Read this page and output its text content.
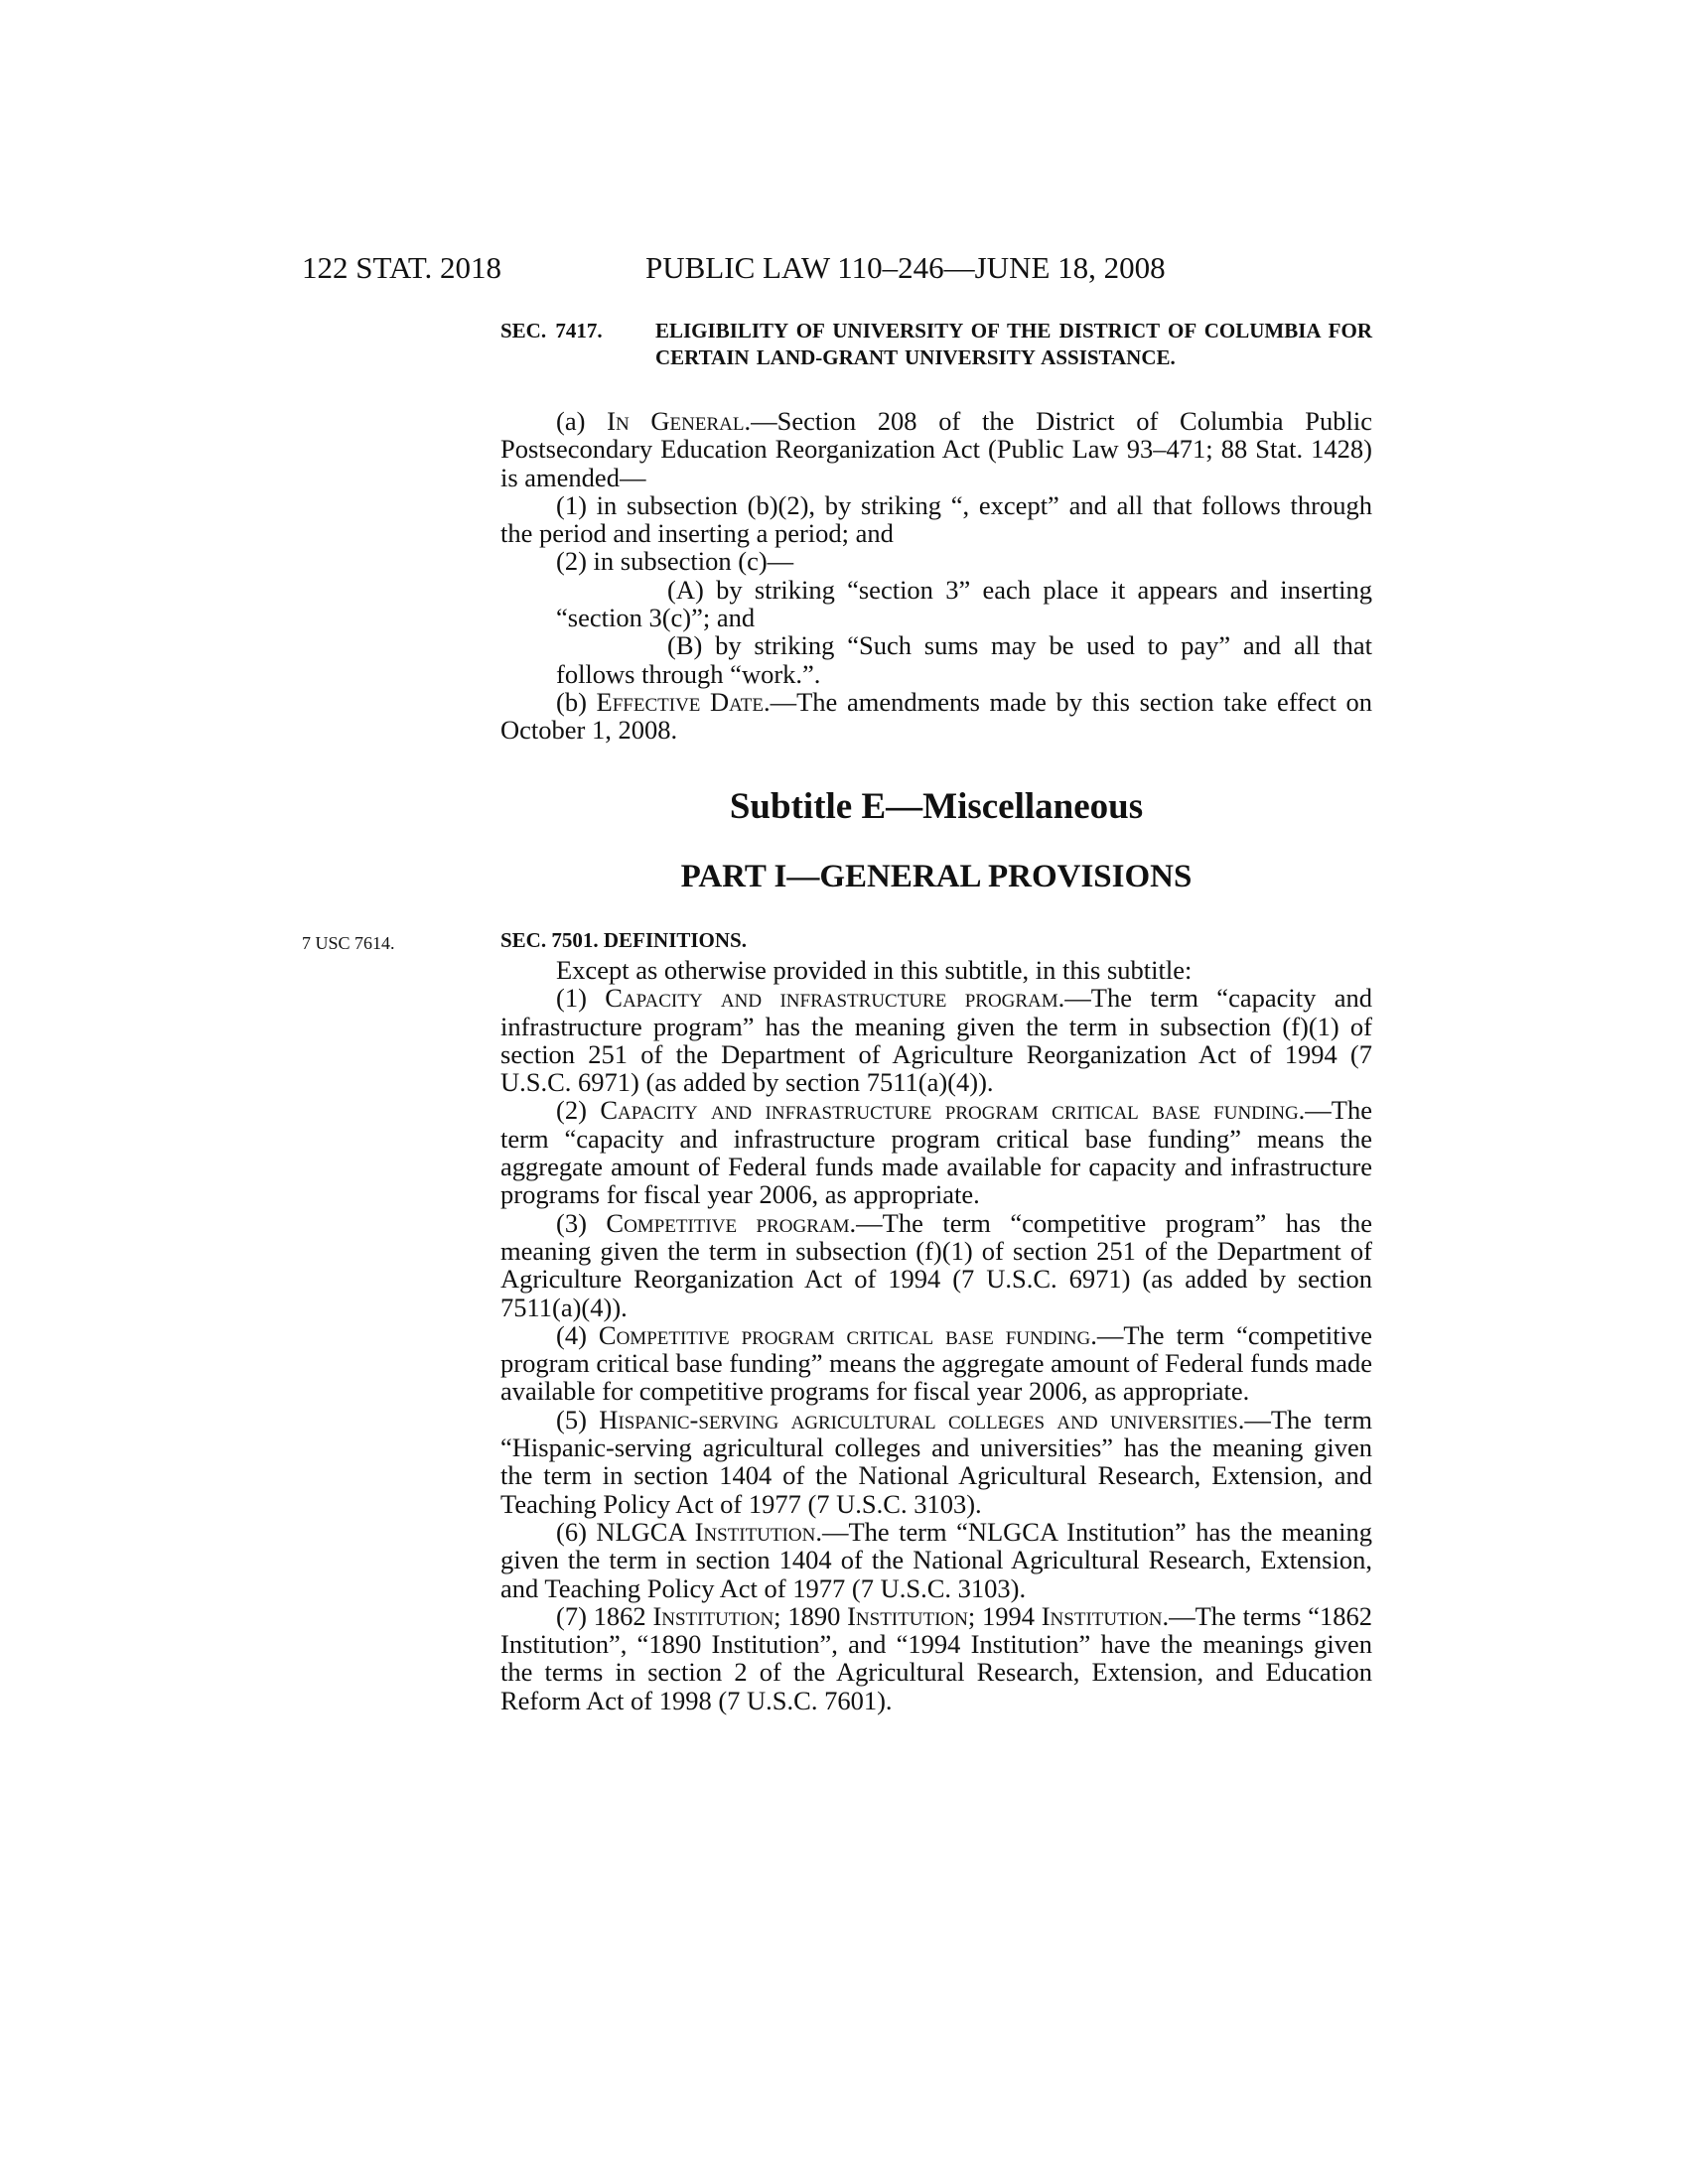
122 STAT. 2018	PUBLIC LAW 110–246—JUNE 18, 2008
SEC. 7417.	ELIGIBILITY OF UNIVERSITY OF THE DISTRICT OF COLUMBIA FOR CERTAIN LAND-GRANT UNIVERSITY ASSISTANCE.

(a) In General.—Section 208 of the District of Columbia Public Postsecondary Education Reorganization Act (Public Law 93–471; 88 Stat. 1428) is amended—

(1) in subsection (b)(2), by striking “, except” and all that follows through the period and inserting a period; and

(2) in subsection (c)—

(A) by striking “section 3” each place it appears and inserting “section 3(c)”; and

(B) by striking “Such sums may be used to pay” and all that follows through “work.”.

(b) Effective Date.—The amendments made by this section take effect on October 1, 2008.

Subtitle E—Miscellaneous
PART I—GENERAL PROVISIONS
7 USC 7614.	SEC. 7501. DEFINITIONS.

Except as otherwise provided in this subtitle, in this subtitle:

(1) Capacity and infrastructure program.—The term “capacity and infrastructure program” has the meaning given the term in subsection (f)(1) of section 251 of the Department of Agriculture Reorganization Act of 1994 (7 U.S.C. 6971) (as added by section 7511(a)(4)).

(2) Capacity and infrastructure program critical base funding.—The term “capacity and infrastructure program critical base funding” means the aggregate amount of Federal funds made available for capacity and infrastructure programs for fiscal year 2006, as appropriate.

(3) Competitive program.—The term “competitive program” has the meaning given the term in subsection (f)(1) of section 251 of the Department of Agriculture Reorganization Act of 1994 (7 U.S.C. 6971) (as added by section 7511(a)(4)).

(4) Competitive program critical base funding.—The term “competitive program critical base funding” means the aggregate amount of Federal funds made available for competitive programs for fiscal year 2006, as appropriate.

(5) Hispanic-serving agricultural colleges and universities.—The term “Hispanic-serving agricultural colleges and universities” has the meaning given the term in section 1404 of the National Agricultural Research, Extension, and Teaching Policy Act of 1977 (7 U.S.C. 3103).

(6) NLGCA Institution.—The term “NLGCA Institution” has the meaning given the term in section 1404 of the National Agricultural Research, Extension, and Teaching Policy Act of 1977 (7 U.S.C. 3103).

(7) 1862 Institution; 1890 Institution; 1994 Institution.—The terms “1862 Institution”, “1890 Institution”, and “1994 Institution” have the meanings given the terms in section 2 of the Agricultural Research, Extension, and Education Reform Act of 1998 (7 U.S.C. 7601).
